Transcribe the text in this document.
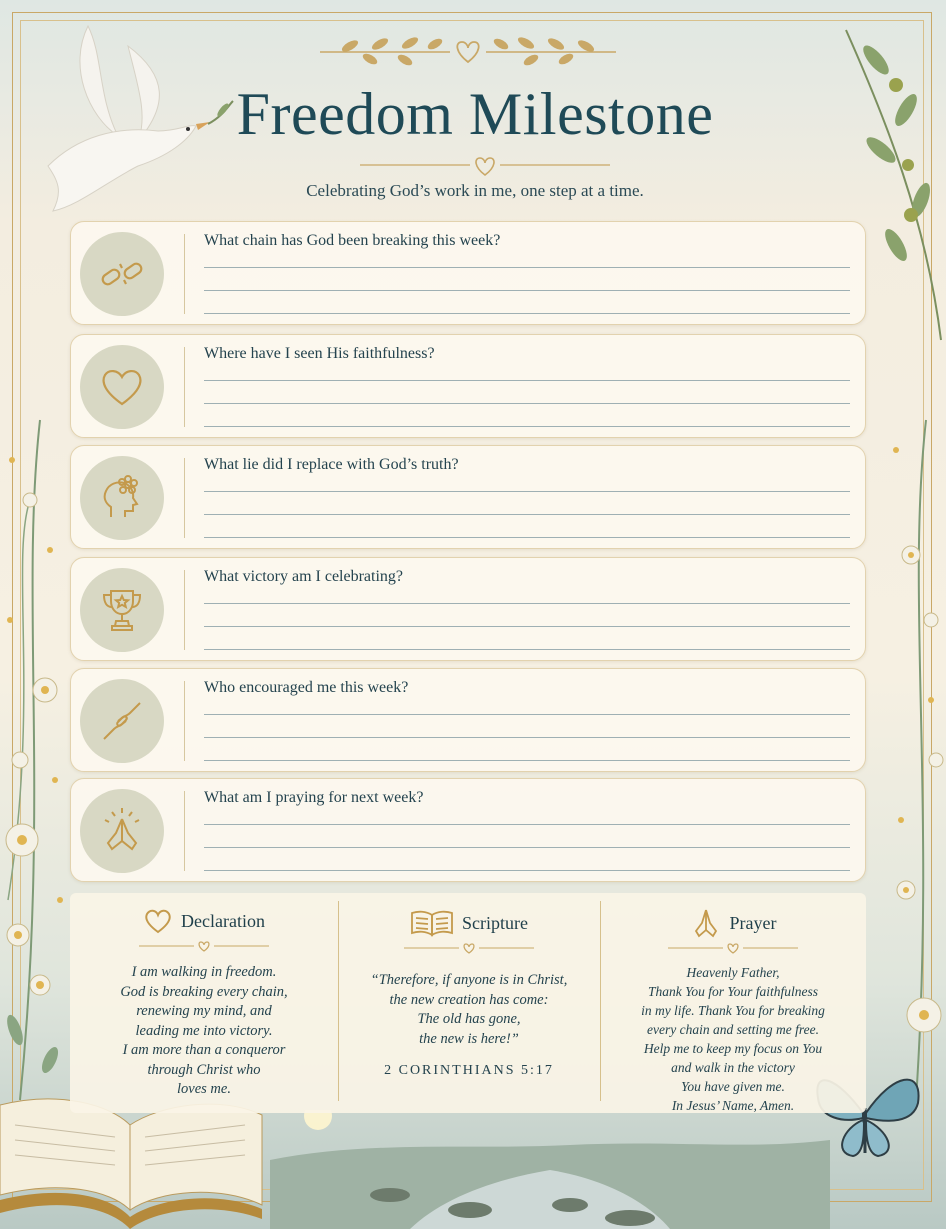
Freedom Milestone
Celebrating God’s work in me, one step at a time.
What chain has God been breaking this week?
Where have I seen His faithfulness?
What lie did I replace with God’s truth?
What victory am I celebrating?
Who encouraged me this week?
What am I praying for next week?
Declaration
I am walking in freedom.
God is breaking every chain,
renewing my mind, and
leading me into victory.
I am more than a conqueror
through Christ who
loves me.
Scripture
“Therefore, if anyone is in Christ,
the new creation has come:
The old has gone,
the new is here!”
2 CORINTHIANS 5:17
Prayer
Heavenly Father,
Thank You for Your faithfulness
in my life. Thank You for breaking
every chain and setting me free.
Help me to keep my focus on You
and walk in the victory
You have given me.
In Jesus’ Name, Amen.
